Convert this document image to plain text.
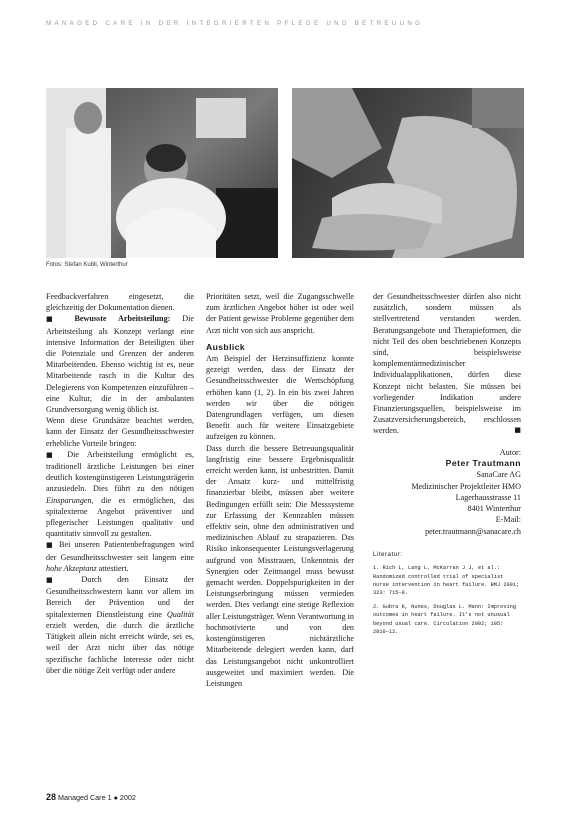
MANAGED CARE IN DER INTEGRIERTEN PFLEGE UND BETREUUNG
Fotos: Stefan Kubli, Winterthur

Feedbackverfahren eingesetzt, die gleichzeitig der Dokumentation dienen.

■ Bewusste Arbeitsteilung: Die Arbeitsteilung als Konzept verlangt eine intensive Information der Beteiligten über die Potenziale und Grenzen der anderen Mitarbeitenden. Ebenso wichtig ist es, neue Mitarbeitende rasch in die Kultur des Delegierens von Kompetenzen einzuführen – eine Kultur, die in der ambulanten Grundversorgung wenig üblich ist.

Wenn diese Grundsätze beachtet werden, kann der Einsatz der Gesundheitsschwester erhebliche Vorteile bringen:

■ Die Arbeitsteilung ermöglicht es, traditionell ärztliche Leistungen bei einer deutlich kostengünstigeren Leistungsträgerin anzusiedeln. Dies führt zu den nötigen Einsparungen, die es ermöglichen, das spitalexterne Angebot präventiver und pflegerischer Leistungen qualitativ und quantitativ sinnvoll zu gestalten.

■ Bei unseren Patientenbefragungen wird der Gesundheitsschwester seit langem eine hohe Akzeptanz attestiert.

■ Durch den Einsatz der Gesundheitsschwestern kann vor allem im Bereich der Prävention und der spitalexternen Dienstleistung eine Qualität erzielt werden, die durch die ärztliche Tätigkeit allein nicht erreicht würde, sei es, weil der Arzt nicht über das nötige spezifische fachliche Interesse oder nicht über die nötige Zeit verfügt oder andere

Prioritäten setzt, weil die Zugangsschwelle zum ärztlichen Angebot höher ist oder weil der Patient gewisse Probleme gegenüber dem Arzt nicht von sich aus anspricht.

Ausblick

Am Beispiel der Herzinsuffizienz konnte gezeigt werden, dass der Einsatz der Gesundheitsschwester die Wertschöpfung erhöhen kann (1, 2). In ein bis zwei Jahren werden wir über die nötigen Datengrundlagen verfügen, um diesen Benefit auch für weitere Einsatzgebiete aufzeigen zu können.

Dass durch die bessere Betreuungsqualität langfristig eine bessere Ergebnisqualität erreicht werden kann, ist unbestritten. Damit der Ansatz kurz- und mittelfristig finanzierbar bleibt, müssen aber weitere Bedingungen erfüllt sein: Die Messsysteme zur Erfassung der Kennzahlen müssen effektiv sein, ohne den administrativen und medizinischen Ablauf zu strapazieren. Das Risiko inkonsequenter Leistungsverlagerung aufgrund von Misstrauen, Unkenntnis der Synergien oder Zeitmangel muss bewusst gemacht werden. Doppelspurigkeiten in der Leistungserbringung müssen vermieden werden. Dies verlangt eine stetige Reflexion aller Leistungsträger. Wenn Verantwortung in hochmotivierte und von den kostengünstigeren nichtärztliche Mitarbeitende delegiert werden kann, darf das Leistungsangebot nicht unkontrolliert ausgeweitet und maximiert werden. Die Leistungen

der Gesundheitsschwester dürfen also nicht zusätzlich, sondern müssen als stellvertretend verstanden werden. Beratungsangebote und Therapieformen, die nicht Teil des oben beschriebenen Konzepts sind, beispielsweise komplementärmedizinischer Individualapplikationen, dürfen diese Konzept nicht belasten. Sie müssen bei vorliegender Indikation andere Finanzierungsquellen, beispielsweise im Zusatzversicherungsbereich, erschlossen werden.	■

Autor:
Peter Trautmann
SanaCare AG
Medizinischer Projektleiter HMO
Lagerhausstrasse 11
8401 Winterthur
E-Mail:
peter.trautmann@sanacare.ch
Literatur:
1. Rich L, Lang L, McKarran J J, et al.: Randomized controlled trial of specialist nurse intervention in heart failure. BMJ 2001; 323: 715–8.
2. Gubra K, Nunes, Douglas L. Mann: Improving outcomes in heart failure. It's not unusual beyond usual care. Circulation 2002; 105: 2810–12.
28 Managed Care 1 ● 2002
